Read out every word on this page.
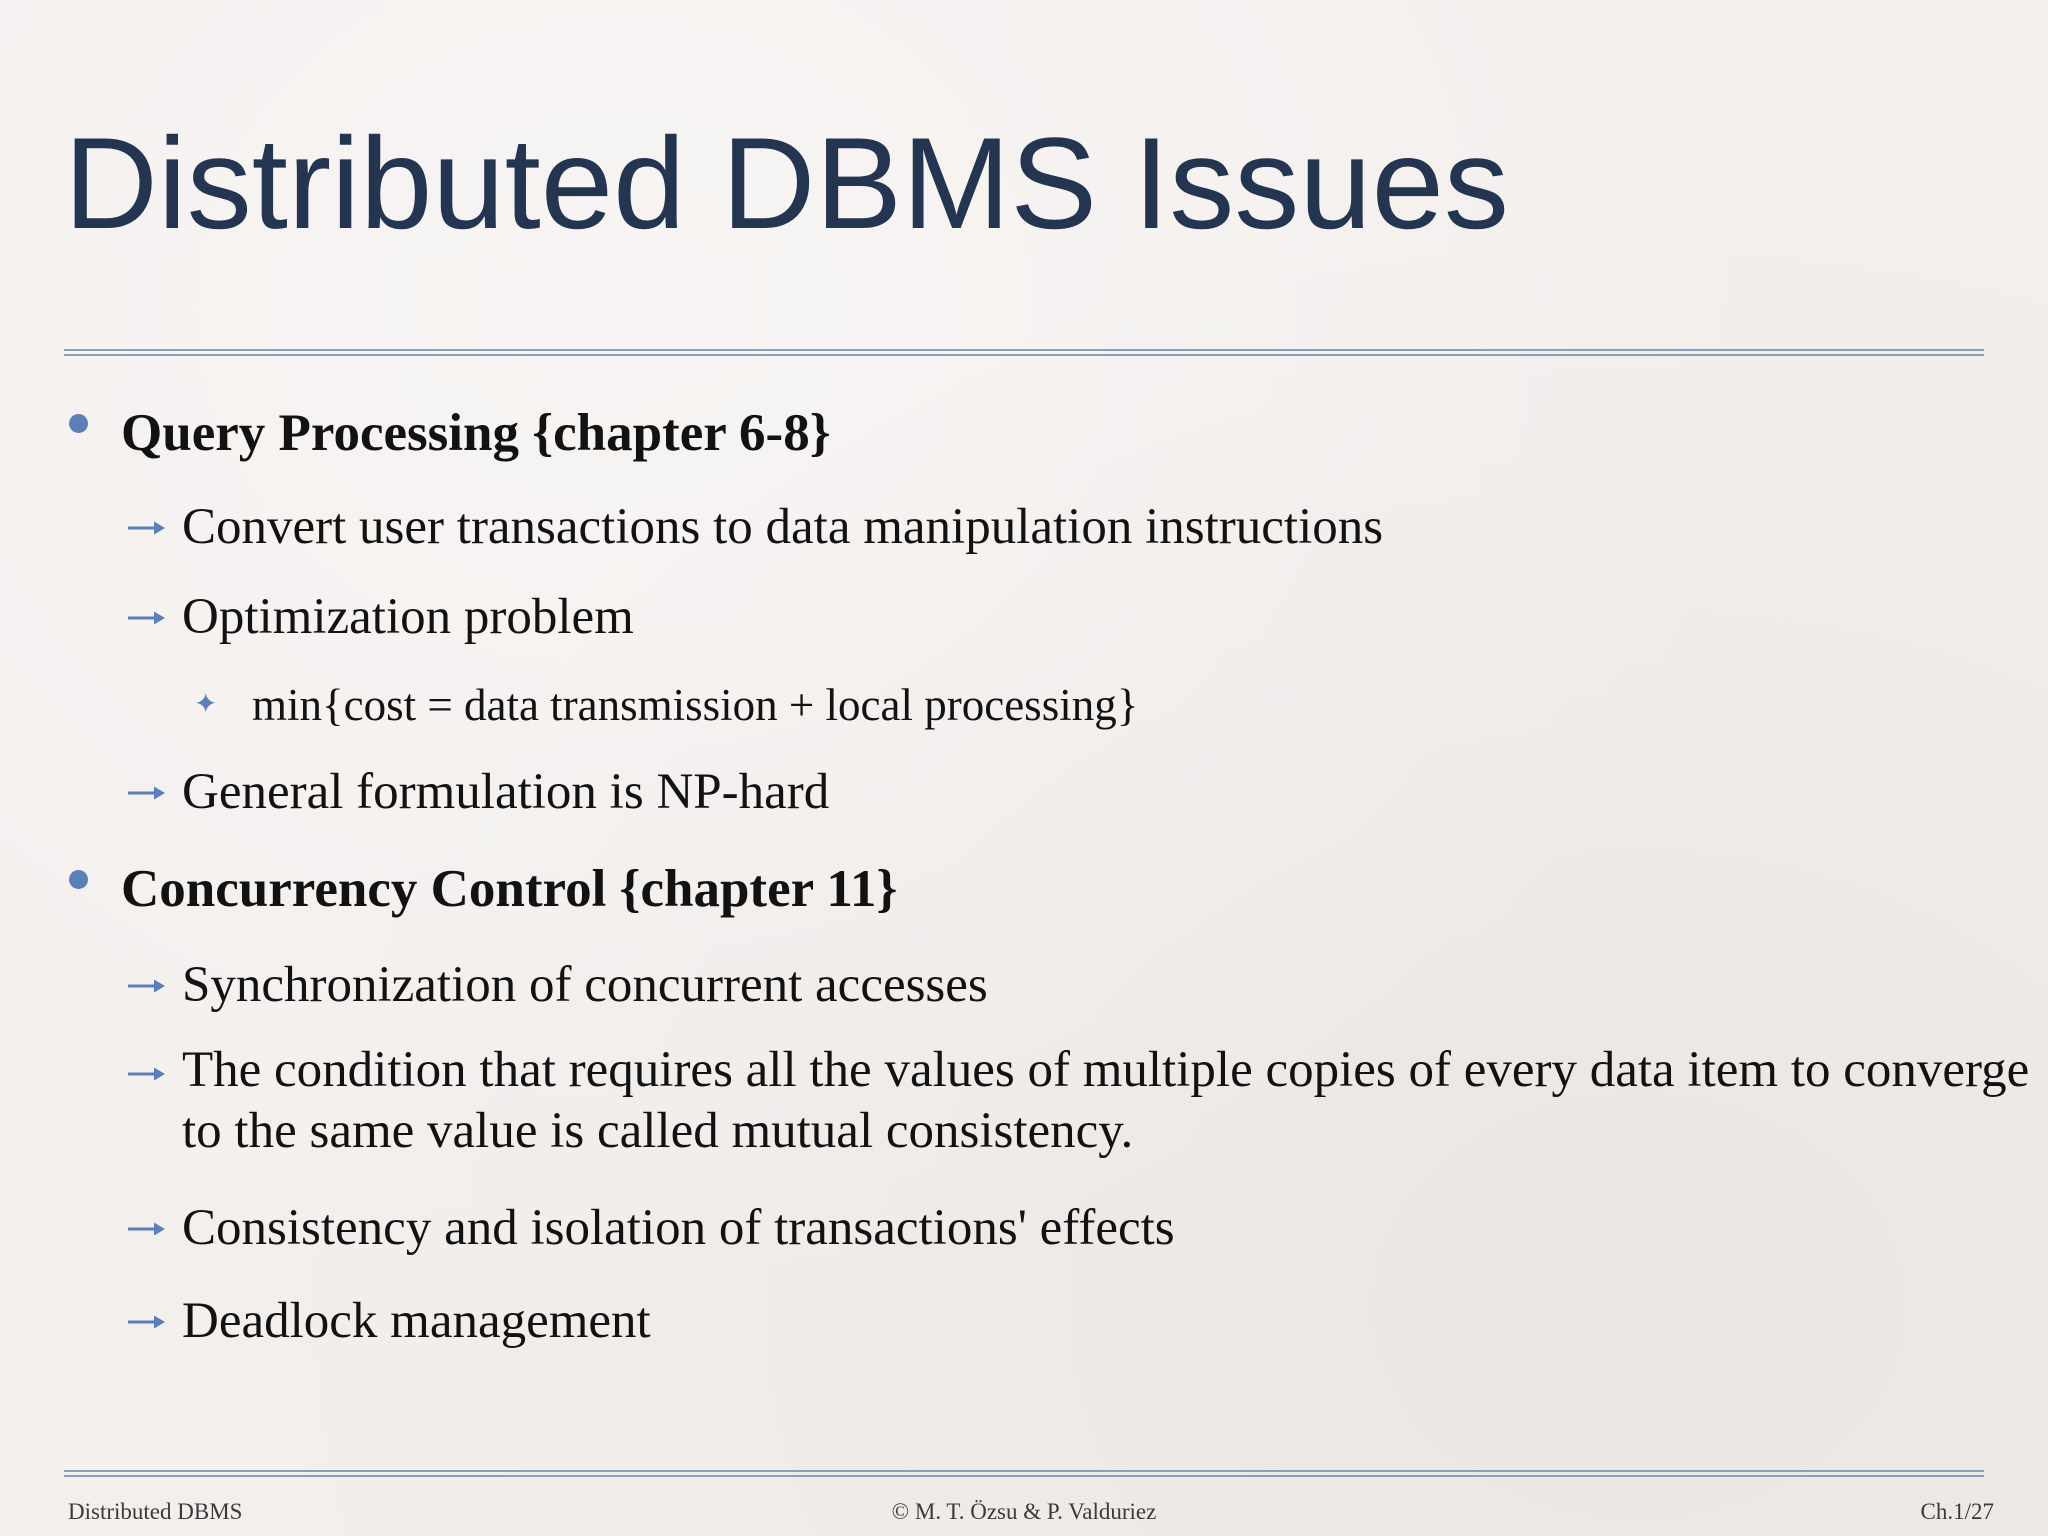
Distributed DBMS Issues
Query Processing {chapter 6-8}
Convert user transactions to data manipulation instructions
Optimization problem
✦ min{cost = data transmission + local processing}
General formulation is NP-hard
Concurrency Control {chapter 11}
Synchronization of concurrent accesses
The condition that requires all the values of multiple copies of every data item to converge to the same value is called mutual consistency.
Consistency and isolation of transactions' effects
Deadlock management
Distributed DBMS	© M. T. Özsu & P. Valduriez	Ch.1/27
